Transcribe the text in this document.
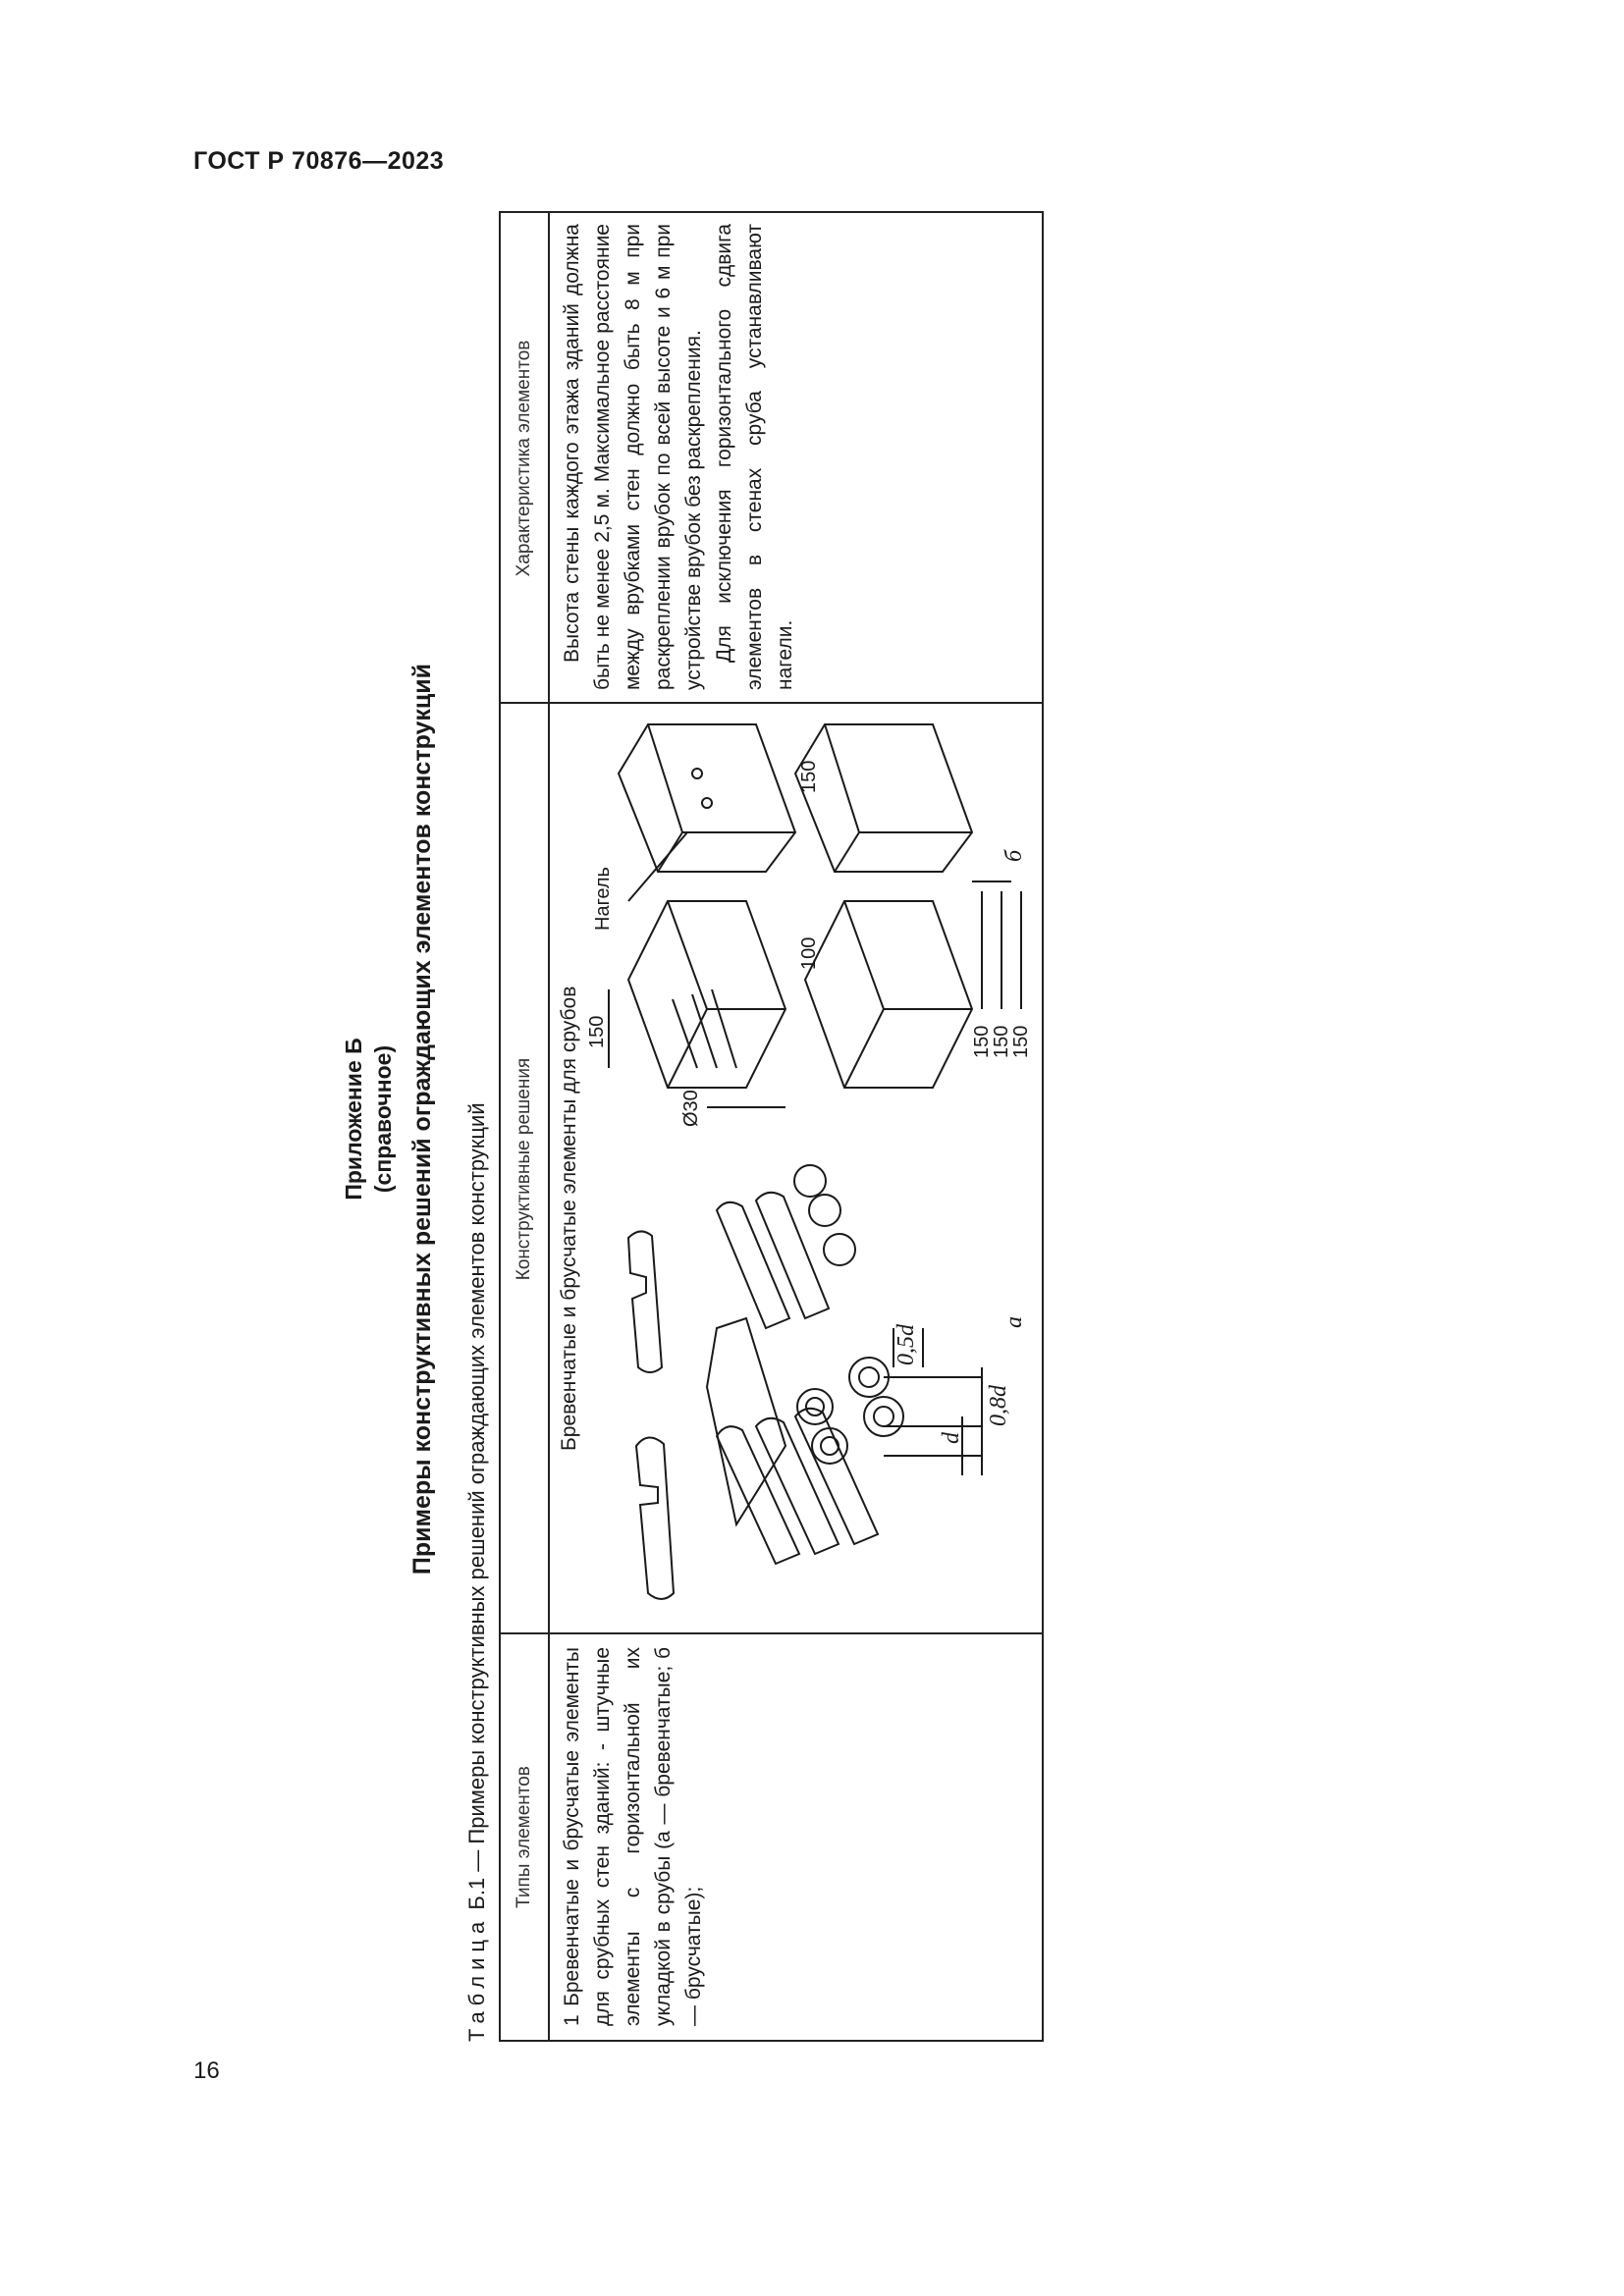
ГОСТ Р 70876—2023
16
Приложение Б (справочное) Примеры конструктивных решений ограждающих элементов конструкций
Таблица Б.1 — Примеры конструктивных решений ограждающих элементов конструкций	Типы элементов
Конструктивные решения
Характеристика элементов

1 Бревенчатые и брусчатые элементы для срубных стен зданий: - штучные элементы с горизонтальной их укладкой в срубы (а — бревенчатые; б — брусчатые);

Бревенчатые и брусчатые элементы для срубов	d
0,8d
0,5d
а
Ø30
150
Нагель
100
150
150
150
150
б

Высота стены каждого этажа зданий должна быть не менее 2,5 м. Максимальное расстояние между врубками стен должно быть 8 м при раскреплении врубок по всей высоте и 6 м при устройстве врубок без раскрепления. Для исключения горизонтального сдвига элементов в стенах сруба устанавливают нагели.
